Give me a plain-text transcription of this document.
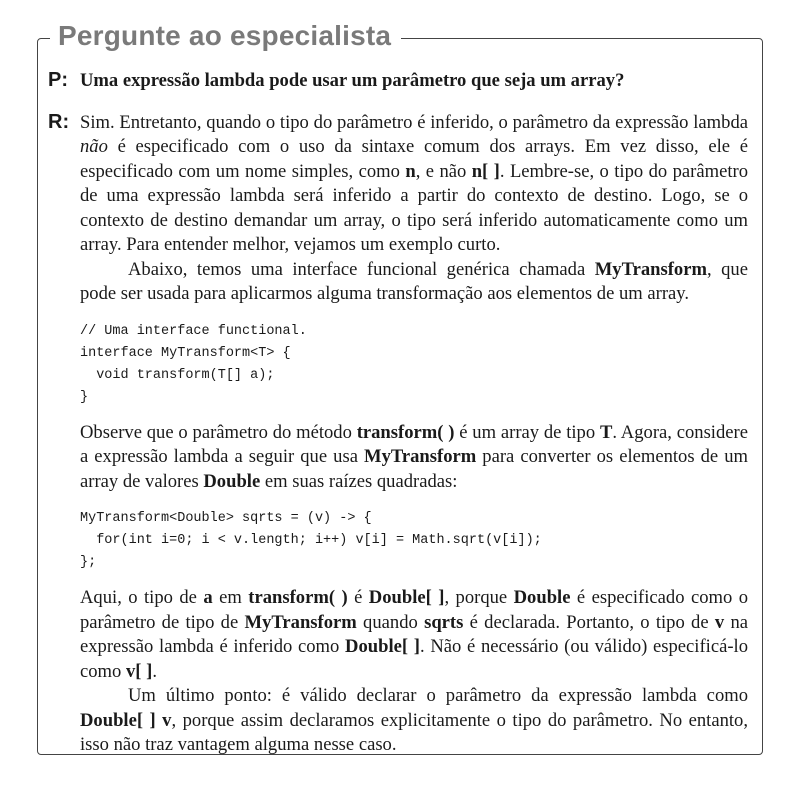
Pergunte ao especialista
P: Uma expressão lambda pode usar um parâmetro que seja um array?
R: Sim. Entretanto, quando o tipo do parâmetro é inferido, o parâmetro da expressão lambda não é especificado com o uso da sintaxe comum dos arrays. Em vez disso, ele é especificado com um nome simples, como n, e não n[ ]. Lembre-se, o tipo do parâmetro de uma expressão lambda será inferido a partir do contexto de destino. Logo, se o contexto de destino demandar um array, o tipo será inferido automaticamente como um array. Para entender melhor, vejamos um exemplo curto.
Abaixo, temos uma interface funcional genérica chamada MyTransform, que pode ser usada para aplicarmos alguma transformação aos elementos de um array.
// Uma interface functional.
interface MyTransform<T> {
void transform(T[] a);
}
Observe que o parâmetro do método transform( ) é um array de tipo T. Agora, considere a expressão lambda a seguir que usa MyTransform para converter os elementos de um array de valores Double em suas raízes quadradas:
MyTransform<Double> sqrts = (v) -> {
for(int i=0; i < v.length; i++) v[i] = Math.sqrt(v[i]);
};
Aqui, o tipo de a em transform( ) é Double[ ], porque Double é especificado como o parâmetro de tipo de MyTransform quando sqrts é declarada. Portanto, o tipo de v na expressão lambda é inferido como Double[ ]. Não é necessário (ou válido) especificá-lo como v[ ].
Um último ponto: é válido declarar o parâmetro da expressão lambda como Double[ ] v, porque assim declaramos explicitamente o tipo do parâmetro. No entanto, isso não traz vantagem alguma nesse caso.
